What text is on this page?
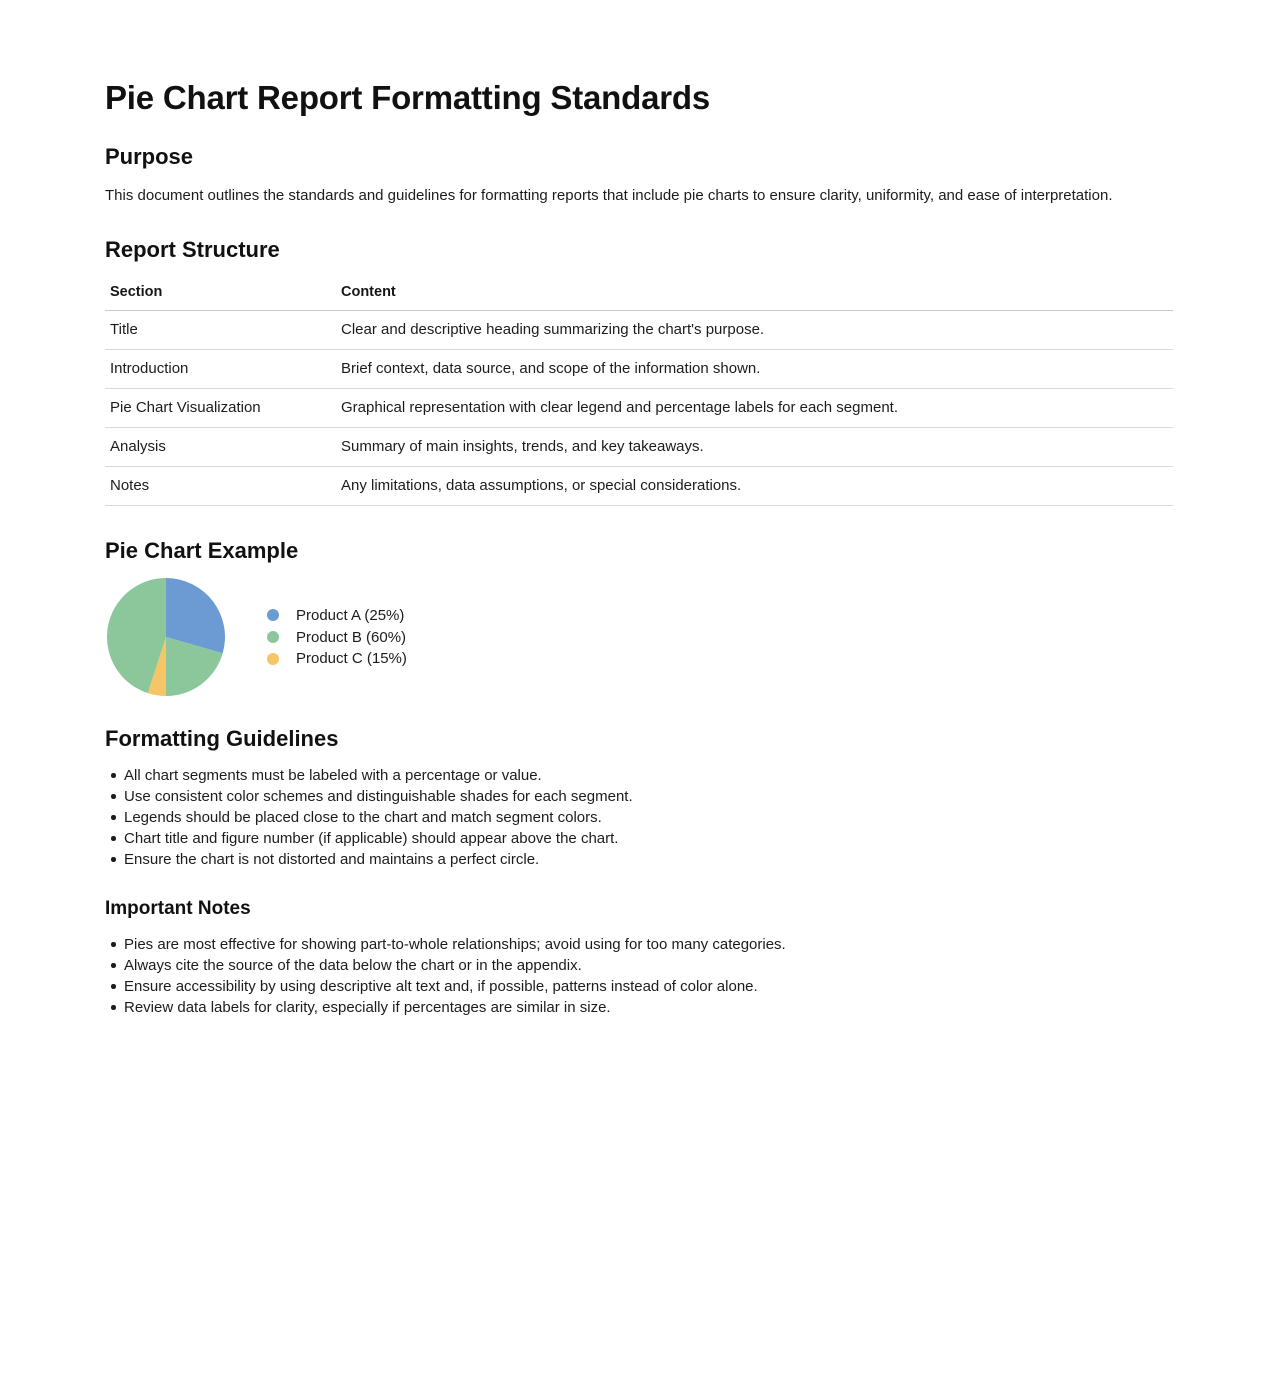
Pie Chart Report Formatting Standards
Purpose

This document outlines the standards and guidelines for formatting reports that include pie charts to ensure clarity, uniformity, and ease of interpretation.

Report Structure
Section	Content
Title	Clear and descriptive heading summarizing the chart's purpose.
Introduction	Brief context, data source, and scope of the information shown.
Pie Chart Visualization	Graphical representation with clear legend and percentage labels for each segment.
Analysis	Summary of main insights, trends, and key takeaways.
Notes	Any limitations, data assumptions, or special considerations.
Pie Chart Example
Product A (25%)
Product B (60%)
Product C (15%)
Formatting Guidelines
All chart segments must be labeled with a percentage or value.
Use consistent color schemes and distinguishable shades for each segment.
Legends should be placed close to the chart and match segment colors.
Chart title and figure number (if applicable) should appear above the chart.
Ensure the chart is not distorted and maintains a perfect circle.
Important Notes
Pies are most effective for showing part-to-whole relationships; avoid using for too many categories.
Always cite the source of the data below the chart or in the appendix.
Ensure accessibility by using descriptive alt text and, if possible, patterns instead of color alone.
Review data labels for clarity, especially if percentages are similar in size.
